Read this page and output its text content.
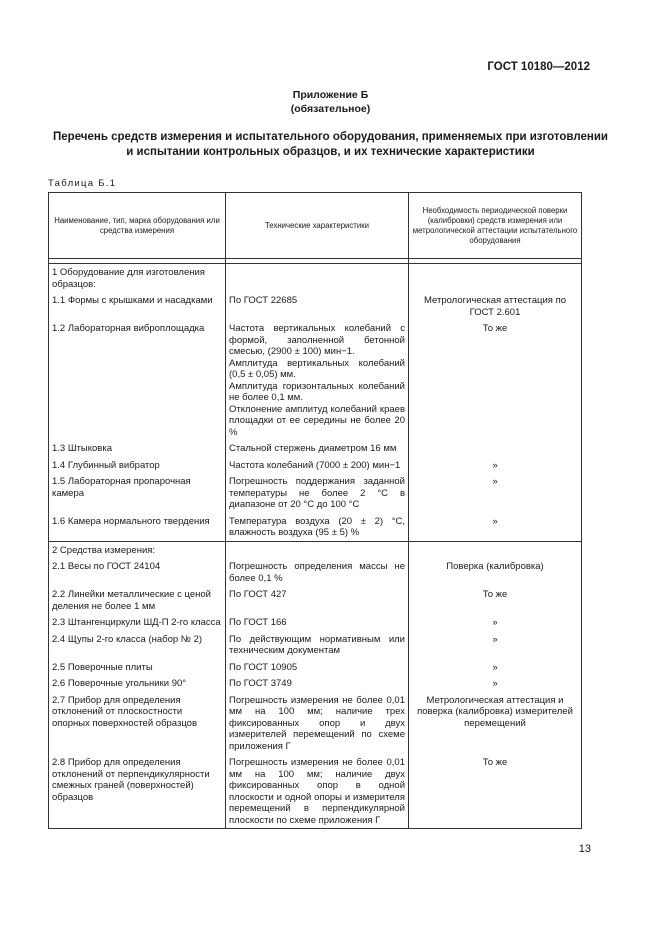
ГОСТ 10180—2012
Приложение Б
(обязательное)
Перечень средств измерения и испытательного оборудования, применяемых при изготовлении
и испытании контрольных образцов, и их технические характеристики
Таблица Б.1
Наименование, тип, марка оборудования или средства измерения	Технические характеристики	Необходимость периодической поверки (калибровки) средств измерения или метрологической аттестации испытательного оборудования

1 Оборудование для изготовления образцов:		
1.1 Формы с крышками и насадками	По ГОСТ 22685	Метрологическая аттестация по ГОСТ 2.601
1.2 Лабораторная виброплощадка	Частота вертикальных колебаний с формой, заполненной бетонной смесью, (2900 ± 100) мин−1.
Амплитуда вертикальных колебаний (0,5 ± 0,05) мм.
Амплитуда горизонтальных колебаний не более 0,1 мм.
Отклонение амплитуд колебаний краев площадки от ее середины не более 20 %	То же
1.3 Штыковка	Стальной стержень диаметром 16 мм	
1.4 Глубинный вибратор	Частота колебаний (7000 ± 200) мин−1	»
1.5 Лабораторная пропарочная камера	Погрешность поддержания заданной температуры не более 2 °С в диапазоне от 20 °С до 100 °С	»
1.6 Камера нормального твердения	Температура воздуха (20 ± 2) °С, влажность воздуха (95 ± 5) %	»
2 Средства измерения:		
2.1 Весы по ГОСТ 24104	Погрешность определения массы не более 0,1 %	Поверка (калибровка)
2.2 Линейки металлические с ценой деления не более 1 мм	По ГОСТ 427	То же
2.3 Штангенциркули ШД-П 2-го класса	По ГОСТ 166	»
2.4 Щупы 2-го класса (набор № 2)	По действующим нормативным или техническим документам	»
2.5 Поверочные плиты	По ГОСТ 10905	»
2.6 Поверочные угольники 90°	По ГОСТ 3749	»
2.7 Прибор для определения отклонений от плоскостности опорных поверхностей образцов	Погрешность измерения не более 0,01 мм на 100 мм; наличие трех фиксированных опор и двух измерителей перемещений по схеме приложения Г	Метрологическая аттестация и поверка (калибровка) измерителей перемещений
2.8 Прибор для определения отклонений от перпендикулярности смежных граней (поверхностей) образцов	Погрешность измерения не более 0,01 мм на 100 мм; наличие двух фиксированных опор в одной плоскости и одной опоры и измерителя перемещений в перпендикулярной плоскости по схеме приложения Г	То же
13
